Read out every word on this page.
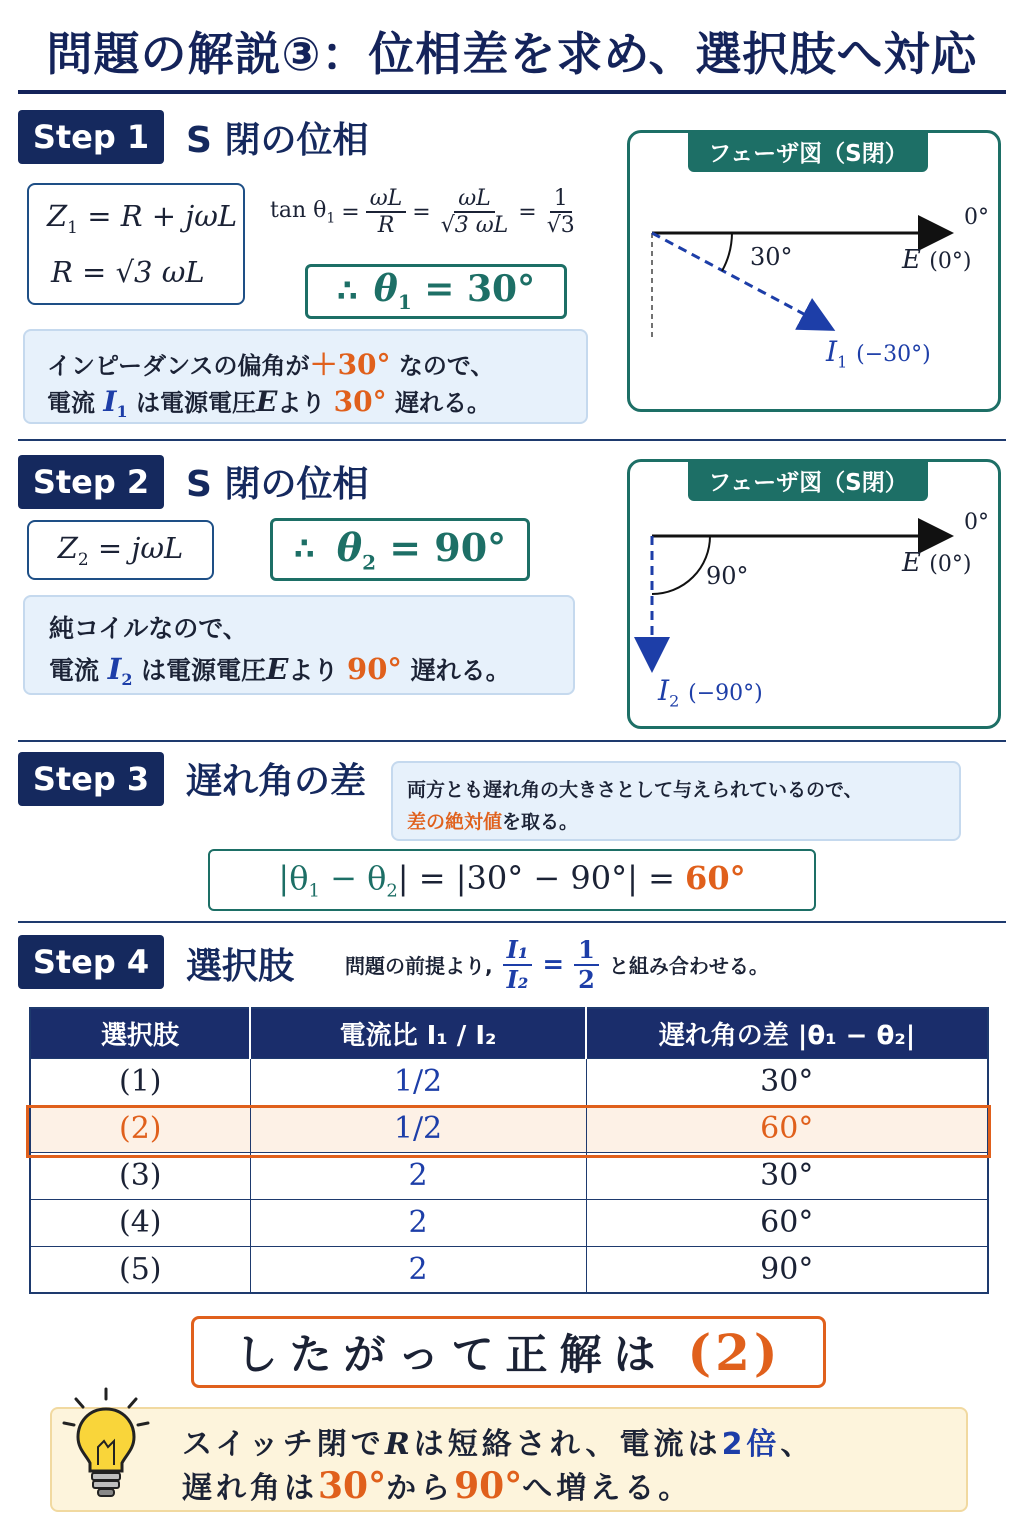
問題の解説③：位相差を求め、選択肢へ対応
Step 1	S 閉の位相
$Z_1 = R + j\omega L$
R = √3 ωL
$\tan \theta_1 = \frac{\omega L}{R} = \frac{\omega L}{√3 \omega L} = \frac{1}{√3}$
∴ $\theta_1 = 30^\circ$
インピーダンスの偏角が＋30° なので、
電流 $I_1$ は電源電圧Eより 30° 遅れる。
フェーザ図（S閉）
0°
30°	E (0°)
$I_1$ (−30°)
Step 2	S 閉の位相
$Z_2 = j\omega L$	∴ $\theta_2 = 90^\circ$
純コイルなので、
電流 $I_2$ は電源電圧Eより 90° 遅れる。
フェーザ図（S閉）
0°
90°	E (0°)
$I_2$ (−90°)
Step 3	遅れ角の差 両方とも遅れ角の大きさとして与えられているので、
差の絶対値を取る。
$|\theta_1 - \theta_2| = |30^\circ - 90^\circ| = 60^\circ$
Step 4	選択肢	問題の前提より, $\frac{\text{I₁}}{\text{I₂}} = \frac{1}{2}$ と組み合わせる。
選択肢	電流比 I₁ / I₂	遅れ角の差 |θ₁ − θ₂|
(1)	1/2	30°
(2)	1/2	60°
(3)	2	30°
(4)	2	60°
(5)	2	90°
したがって正解は (2)
スイッチ閉でRは短絡され、電流は2倍、
遅れ角は30°から90°へ増える。
